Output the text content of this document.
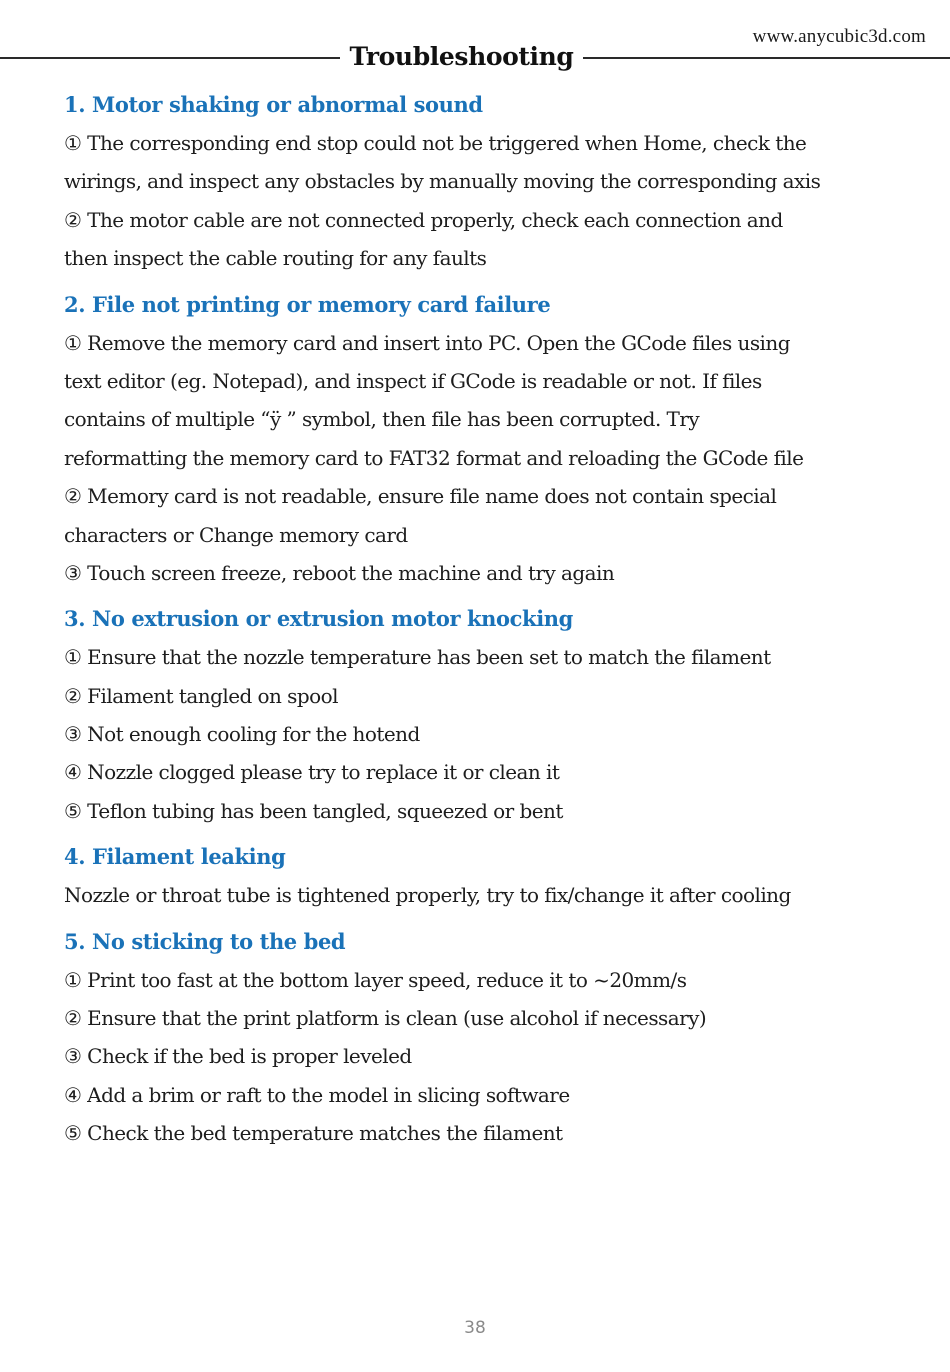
www.anycubic3d.com
Troubleshooting
1. Motor shaking or abnormal sound
① The corresponding end stop could not be triggered when Home, check the
wirings, and inspect any obstacles by manually moving the corresponding axis
② The motor cable are not connected properly, check each connection and
then inspect the cable routing for any faults
2. File not printing or memory card failure
① Remove the memory card and insert into PC. Open the GCode files using
text editor (eg. Notepad), and inspect if GCode is readable or not. If files
contains of multiple “ÿ ” symbol, then file has been corrupted. Try
reformatting the memory card to FAT32 format and reloading the GCode file
② Memory card is not readable, ensure file name does not contain special
characters or Change memory card
③ Touch screen freeze, reboot the machine and try again
3. No extrusion or extrusion motor knocking
① Ensure that the nozzle temperature has been set to match the filament
② Filament tangled on spool
③ Not enough cooling for the hotend
④ Nozzle clogged please try to replace it or clean it
⑤ Teflon tubing has been tangled, squeezed or bent
4. Filament leaking
Nozzle or throat tube is tightened properly, try to fix/change it after cooling
5. No sticking to the bed
① Print too fast at the bottom layer speed, reduce it to ~20mm/s
② Ensure that the print platform is clean (use alcohol if necessary)
③ Check if the bed is proper leveled
④ Add a brim or raft to the model in slicing software
⑤ Check the bed temperature matches the filament
38
